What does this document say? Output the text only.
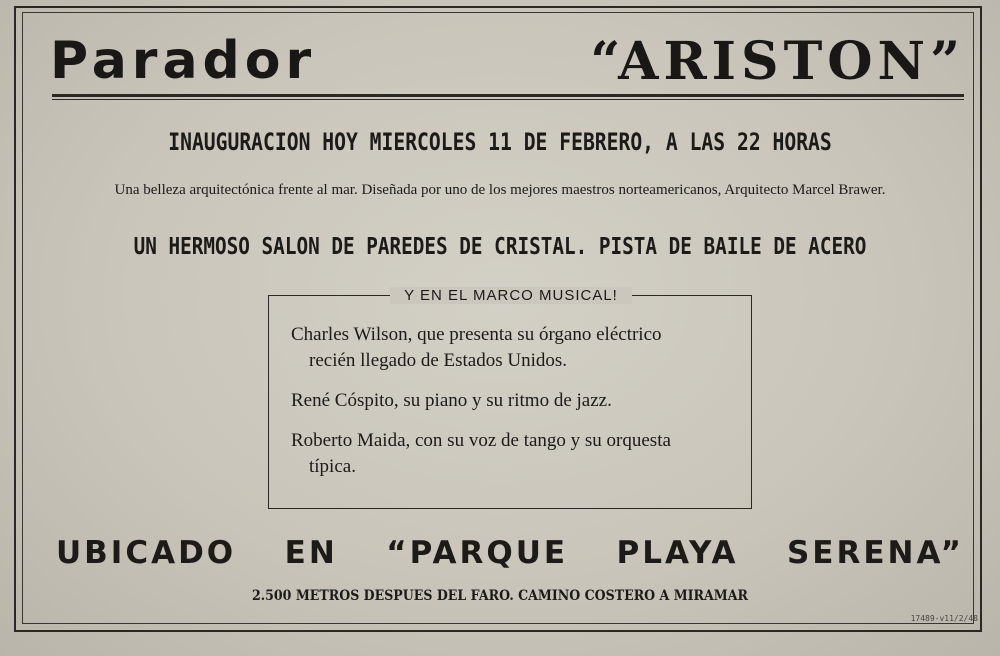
Parador	“ARISTON”
INAUGURACION HOY MIERCOLES 11 DE FEBRERO, A LAS 22 HORAS
Una belleza arquitectónica frente al mar. Diseñada por uno de los mejores maestros norteamericanos, Arquitecto Marcel Brawer.
UN HERMOSO SALON DE PAREDES DE CRISTAL. PISTA DE BAILE DE ACERO
Y EN EL MARCO MUSICAL!
Charles Wilson, que presenta su órgano eléctrico
recién llegado de Estados Unidos.
René Cóspito, su piano y su ritmo de jazz.
Roberto Maida, con su voz de tango y su orquesta
típica.
UBICADO EN “PARQUE PLAYA SERENA”
2.500 METROS DESPUES DEL FARO. CAMINO COSTERO A MIRAMAR
17489-v11/2/48
